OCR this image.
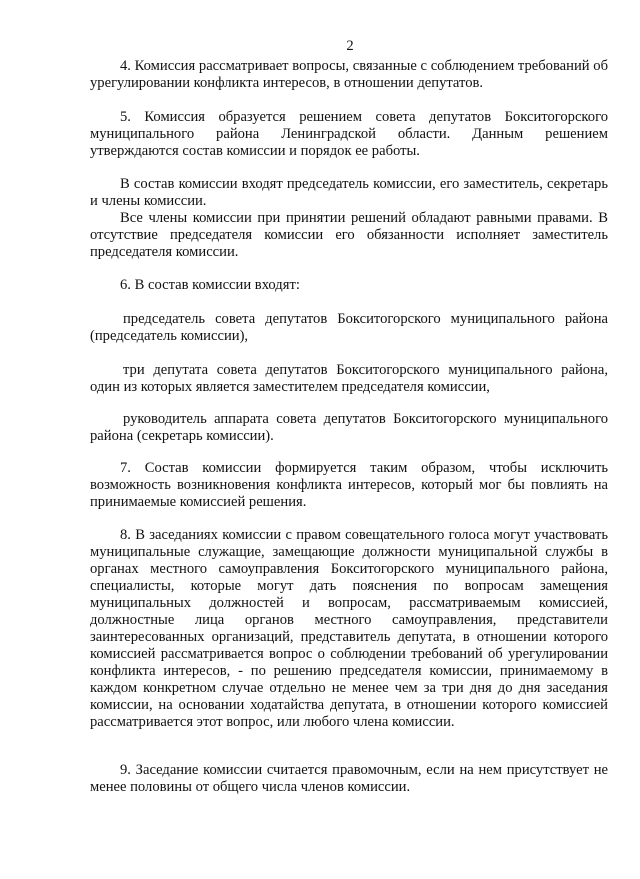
2

4. Комиссия рассматривает вопросы, связанные с соблюдением требований об урегулировании конфликта интересов, в отношении депутатов.

5. Комиссия образуется решением совета депутатов Бокситогорского муниципального района Ленинградской области. Данным решением утверждаются состав комиссии и порядок ее работы.

В состав комиссии входят председатель комиссии, его заместитель, секретарь и члены комиссии.

Все члены комиссии при принятии решений обладают равными правами. В отсутствие председателя комиссии его обязанности исполняет заместитель председателя комиссии.

6. В состав комиссии входят:

председатель совета депутатов Бокситогорского муниципального района (председатель комиссии),

три депутата совета депутатов Бокситогорского муниципального района, один из которых является заместителем председателя комиссии,

руководитель аппарата совета депутатов Бокситогорского муниципального района (секретарь комиссии).

7. Состав комиссии формируется таким образом, чтобы исключить возможность возникновения конфликта интересов, который мог бы повлиять на принимаемые комиссией решения.

8. В заседаниях комиссии с правом совещательного голоса могут участвовать муниципальные служащие, замещающие должности муниципальной службы в органах местного самоуправления Бокситогорского муниципального района, специалисты, которые могут дать пояснения по вопросам замещения муниципальных должностей и вопросам, рассматриваемым комиссией, должностные лица органов местного самоуправления, представители заинтересованных организаций, представитель депутата, в отношении которого комиссией рассматривается вопрос о соблюдении требований об урегулировании конфликта интересов, - по решению председателя комиссии, принимаемому в каждом конкретном случае отдельно не менее чем за три дня до дня заседания комиссии, на основании ходатайства депутата, в отношении которого комиссией рассматривается этот вопрос, или любого члена комиссии.

9. Заседание комиссии считается правомочным, если на нем присутствует не менее половины от общего числа членов комиссии.
